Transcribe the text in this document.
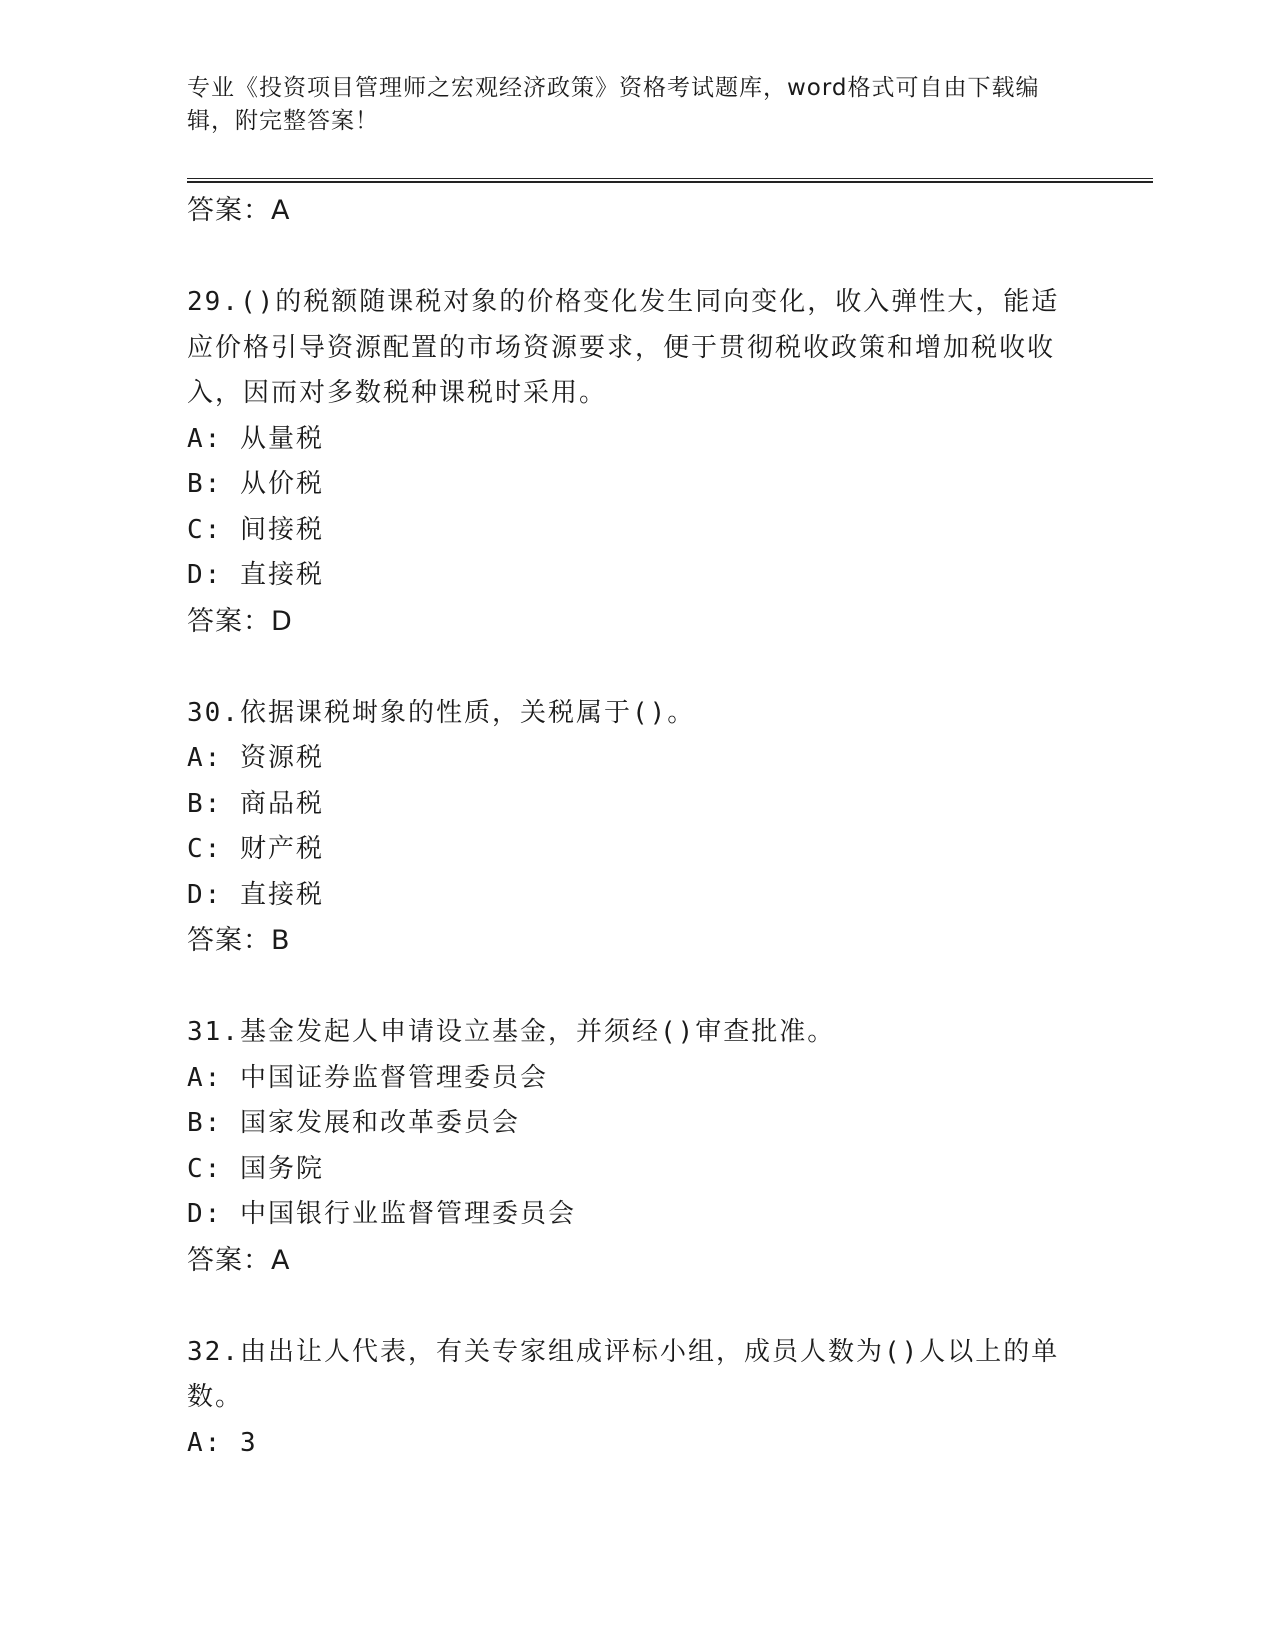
专业《投资项目管理师之宏观经济政策》资格考试题库，word格式可自由下载编辑，附完整答案！
答案：A
29.()的税额随课税对象的价格变化发生同向变化，收入弹性大，能适应价格引导资源配置的市场资源要求，便于贯彻税收政策和增加税收收入，因而对多数税种课税时采用。
A: 从量税
B: 从价税
C: 间接税
D: 直接税
答案：D
30.依据课税埘象的性质，关税属于()。
A: 资源税
B: 商品税
C: 财产税
D: 直接税
答案：B
31.基金发起人申请设立基金，并须经()审查批准。
A: 中国证券监督管理委员会
B: 国家发展和改革委员会
C: 国务院
D: 中国银行业监督管理委员会
答案：A
32.由出让人代表，有关专家组成评标小组，成员人数为()人以上的单数。
A: 3
